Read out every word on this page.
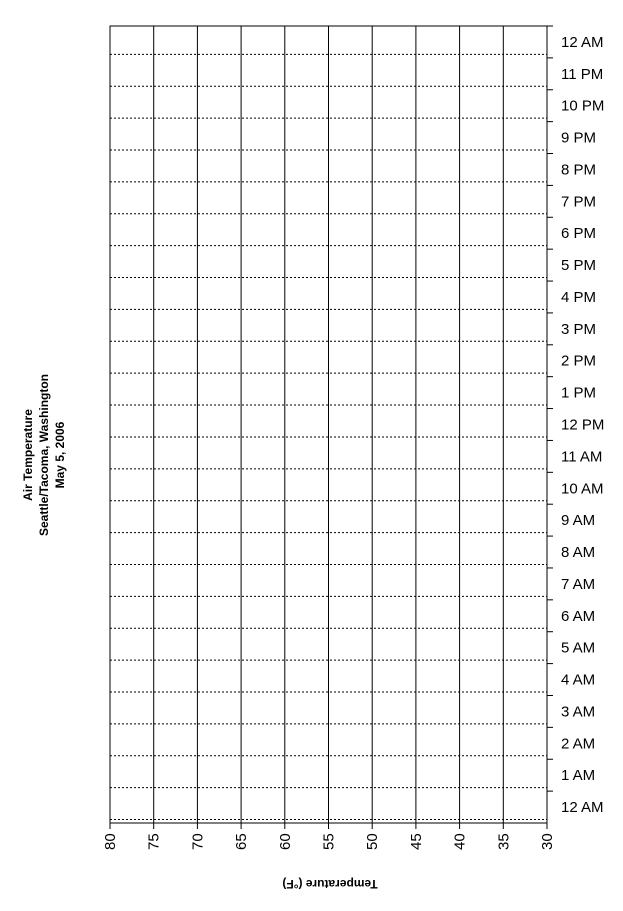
Air Temperature Seattle/Tacoma, Washington May 5, 2006
12 AM
1 AM
2 AM
3 AM
4 AM
5 AM
6 AM
7 AM
8 AM
9 AM
10 AM
11 AM
12 PM
1 PM
2 PM
3 PM
4 PM
5 PM
6 PM
7 PM
8 PM
9 PM
10 PM
11 PM
12 AM
80 75 70 65 60 55 50 45 40 35 30
Temperature (°F)
